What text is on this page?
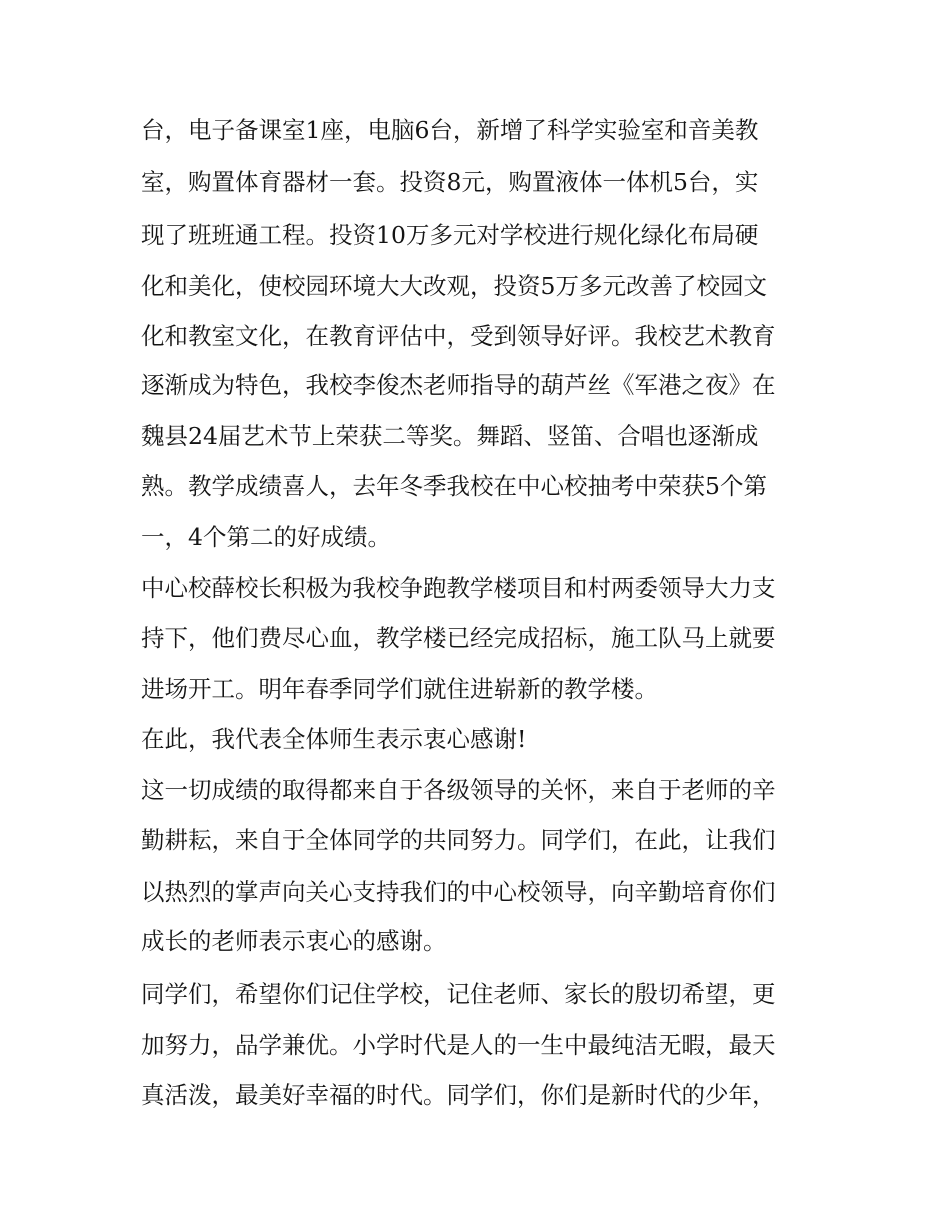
台，电子备课室1座，电脑6台，新增了科学实验室和音美教

室，购置体育器材一套。投资8元，购置液体一体机5台，实

现了班班通工程。投资10万多元对学校进行规化绿化布局硬

化和美化，使校园环境大大改观，投资5万多元改善了校园文

化和教室文化，在教育评估中，受到领导好评。我校艺术教育

逐渐成为特色，我校李俊杰老师指导的葫芦丝《军港之夜》在

魏县24届艺术节上荣获二等奖。舞蹈、竖笛、合唱也逐渐成

熟。教学成绩喜人，去年冬季我校在中心校抽考中荣获5个第

一，4个第二的好成绩。

中心校薛校长积极为我校争跑教学楼项目和村两委领导大力支

持下，他们费尽心血，教学楼已经完成招标，施工队马上就要

进场开工。明年春季同学们就住进崭新的教学楼。

在此，我代表全体师生表示衷心感谢!

这一切成绩的取得都来自于各级领导的关怀，来自于老师的辛

勤耕耘，来自于全体同学的共同努力。同学们，在此，让我们

以热烈的掌声向关心支持我们的中心校领导，向辛勤培育你们

成长的老师表示衷心的感谢。

同学们，希望你们记住学校，记住老师、家长的殷切希望，更

加努力，品学兼优。小学时代是人的一生中最纯洁无暇，最天

真活泼，最美好幸福的时代。同学们，你们是新时代的少年，
